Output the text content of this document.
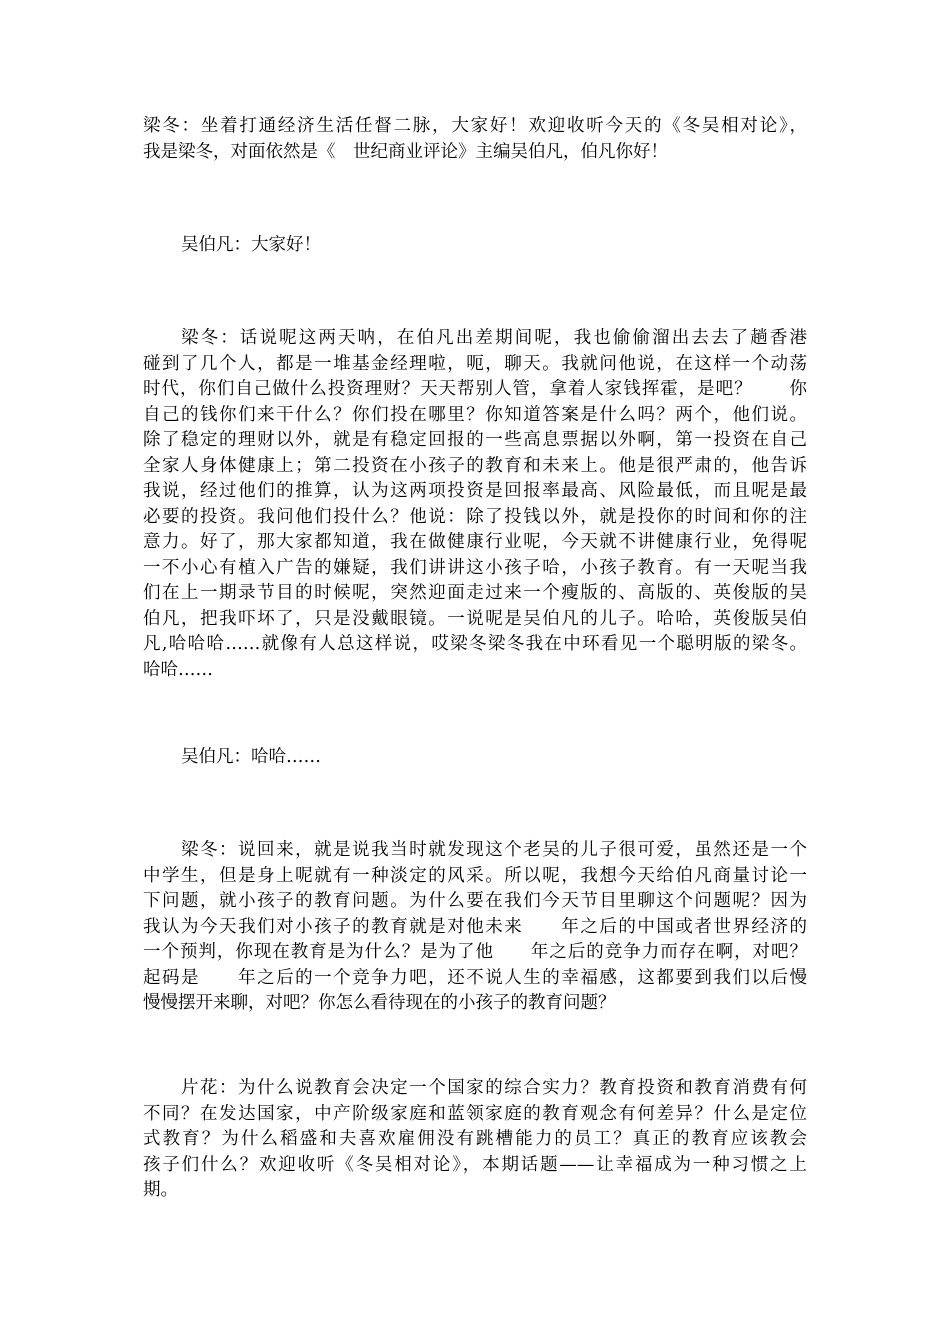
梁冬：坐着打通经济生活任督二脉，大家好！欢迎收听今天的《冬吴相对论》，
我是梁冬，对面依然是《　世纪商业评论》主编吴伯凡，伯凡你好！

吴伯凡：大家好！

梁冬：话说呢这两天呐，在伯凡出差期间呢，我也偷偷溜出去去了趟香港
碰到了几个人，都是一堆基金经理啦，呃，聊天。我就问他说，在这样一个动荡
时代，你们自己做什么投资理财？天天帮别人管，拿着人家钱挥霍，是吧？　　你
自己的钱你们来干什么？你们投在哪里？你知道答案是什么吗？两个，他们说。
除了稳定的理财以外，就是有稳定回报的一些高息票据以外啊，第一投资在自己
全家人身体健康上；第二投资在小孩子的教育和未来上。他是很严肃的，他告诉
我说，经过他们的推算，认为这两项投资是回报率最高、风险最低，而且呢是最
必要的投资。我问他们投什么？他说：除了投钱以外，就是投你的时间和你的注
意力。好了，那大家都知道，我在做健康行业呢，今天就不讲健康行业，免得呢
一不小心有植入广告的嫌疑，我们讲讲这小孩子哈，小孩子教育。有一天呢当我
们在上一期录节目的时候呢，突然迎面走过来一个瘦版的、高版的、英俊版的吴
伯凡，把我吓坏了，只是没戴眼镜。一说呢是吴伯凡的儿子。哈哈，英俊版吴伯
凡,哈哈哈……就像有人总这样说，哎梁冬梁冬我在中环看见一个聪明版的梁冬。
哈哈……

吴伯凡：哈哈……

梁冬：说回来，就是说我当时就发现这个老吴的儿子很可爱，虽然还是一个
中学生，但是身上呢就有一种淡定的风采。所以呢，我想今天给伯凡商量讨论一
下问题，就小孩子的教育问题。为什么要在我们今天节目里聊这个问题呢？因为
我认为今天我们对小孩子的教育就是对他未来　　年之后的中国或者世界经济的
一个预判，你现在教育是为什么？是为了他　　年之后的竞争力而存在啊，对吧？
起码是　　年之后的一个竞争力吧，还不说人生的幸福感，这都要到我们以后慢
慢慢摆开来聊，对吧？你怎么看待现在的小孩子的教育问题？

片花：为什么说教育会决定一个国家的综合实力？教育投资和教育消费有何
不同？在发达国家，中产阶级家庭和蓝领家庭的教育观念有何差异？什么是定位
式教育？为什么稻盛和夫喜欢雇佣没有跳槽能力的员工？真正的教育应该教会
孩子们什么？欢迎收听《冬吴相对论》，本期话题——让幸福成为一种习惯之上
期。
